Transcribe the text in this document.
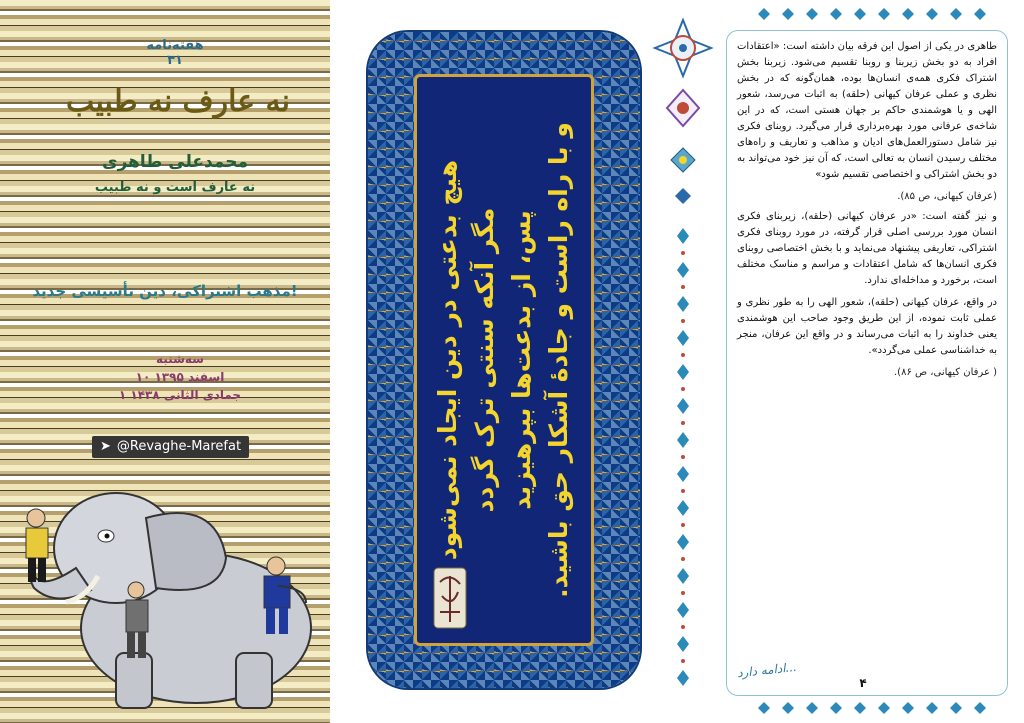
هفته‌نامه
۳۱
نه عارف
نه طبیب
محمدعلی طاهری
نه عارف است و نه طبیب
مذهب اشتراکی، دین تأسیسی جدید!
سه‌شنبه
۱۰ اسفند ۱۳۹۵
۱ جمادی الثانی ۱۴۳۸
➤ @Revaghe-Marefat	هیچ بدعتی در دین ایجاد نمی‌شود مگر آنکه سنتی ترک گردد پس، از بدعت‌ها بپرهیزید و با راه راست و جادهٔ آشکار حق باشید.

طاهری در یکی از اصول این فرقه بیان داشته است: «اعتقادات افراد به دو بخش زیربنا و روبنا تقسیم می‌شود. زیربنا بخش اشتراک فکری همه‌ی انسان‌ها بوده، همان‌گونه که در بخش نظری و عملی عرفان کیهانی (حلقه) به اثبات می‌رسد، شعور الهی و یا هوشمندی حاکم بر جهان هستی است، که در این شاخه‌ی عرفانی مورد بهره‌برداری قرار می‌گیرد. روبنای فکری نیز شامل دستورالعمل‌های ادیان و مذاهب و تعاریف و راه‌های مختلف رسیدن انسان به تعالی است، که آن نیز خود می‌تواند به دو بخش اشتراکی و اختصاصی تقسیم شود»

(عرفان کیهانی، ص ۸۵).

و نیز گفته است: «در عرفان کیهانی (حلقه)، زیربنای فکری انسان مورد بررسی اصلی قرار گرفته، در مورد روبنای فکری اشتراکی، تعاریفی پیشنهاد می‌نماید و با بخش اختصاصی روبنای فکری انسان‌ها که شامل اعتقادات و مراسم و مناسک مختلف است، برخورد و مداخله‌ای ندارد.

در واقع، عرفان کیهانی (حلقه)، شعور الهی را به طور نظری و عملی ثابت نموده، از این طریق وجود صاحب این هوشمندی یعنی خداوند را به اثبات می‌رساند و در واقع این عرفان، منجر به خداشناسی عملی می‌گردد».

( عرفان کیهانی، ص ۸۶).

ادامه دارد...
۴
